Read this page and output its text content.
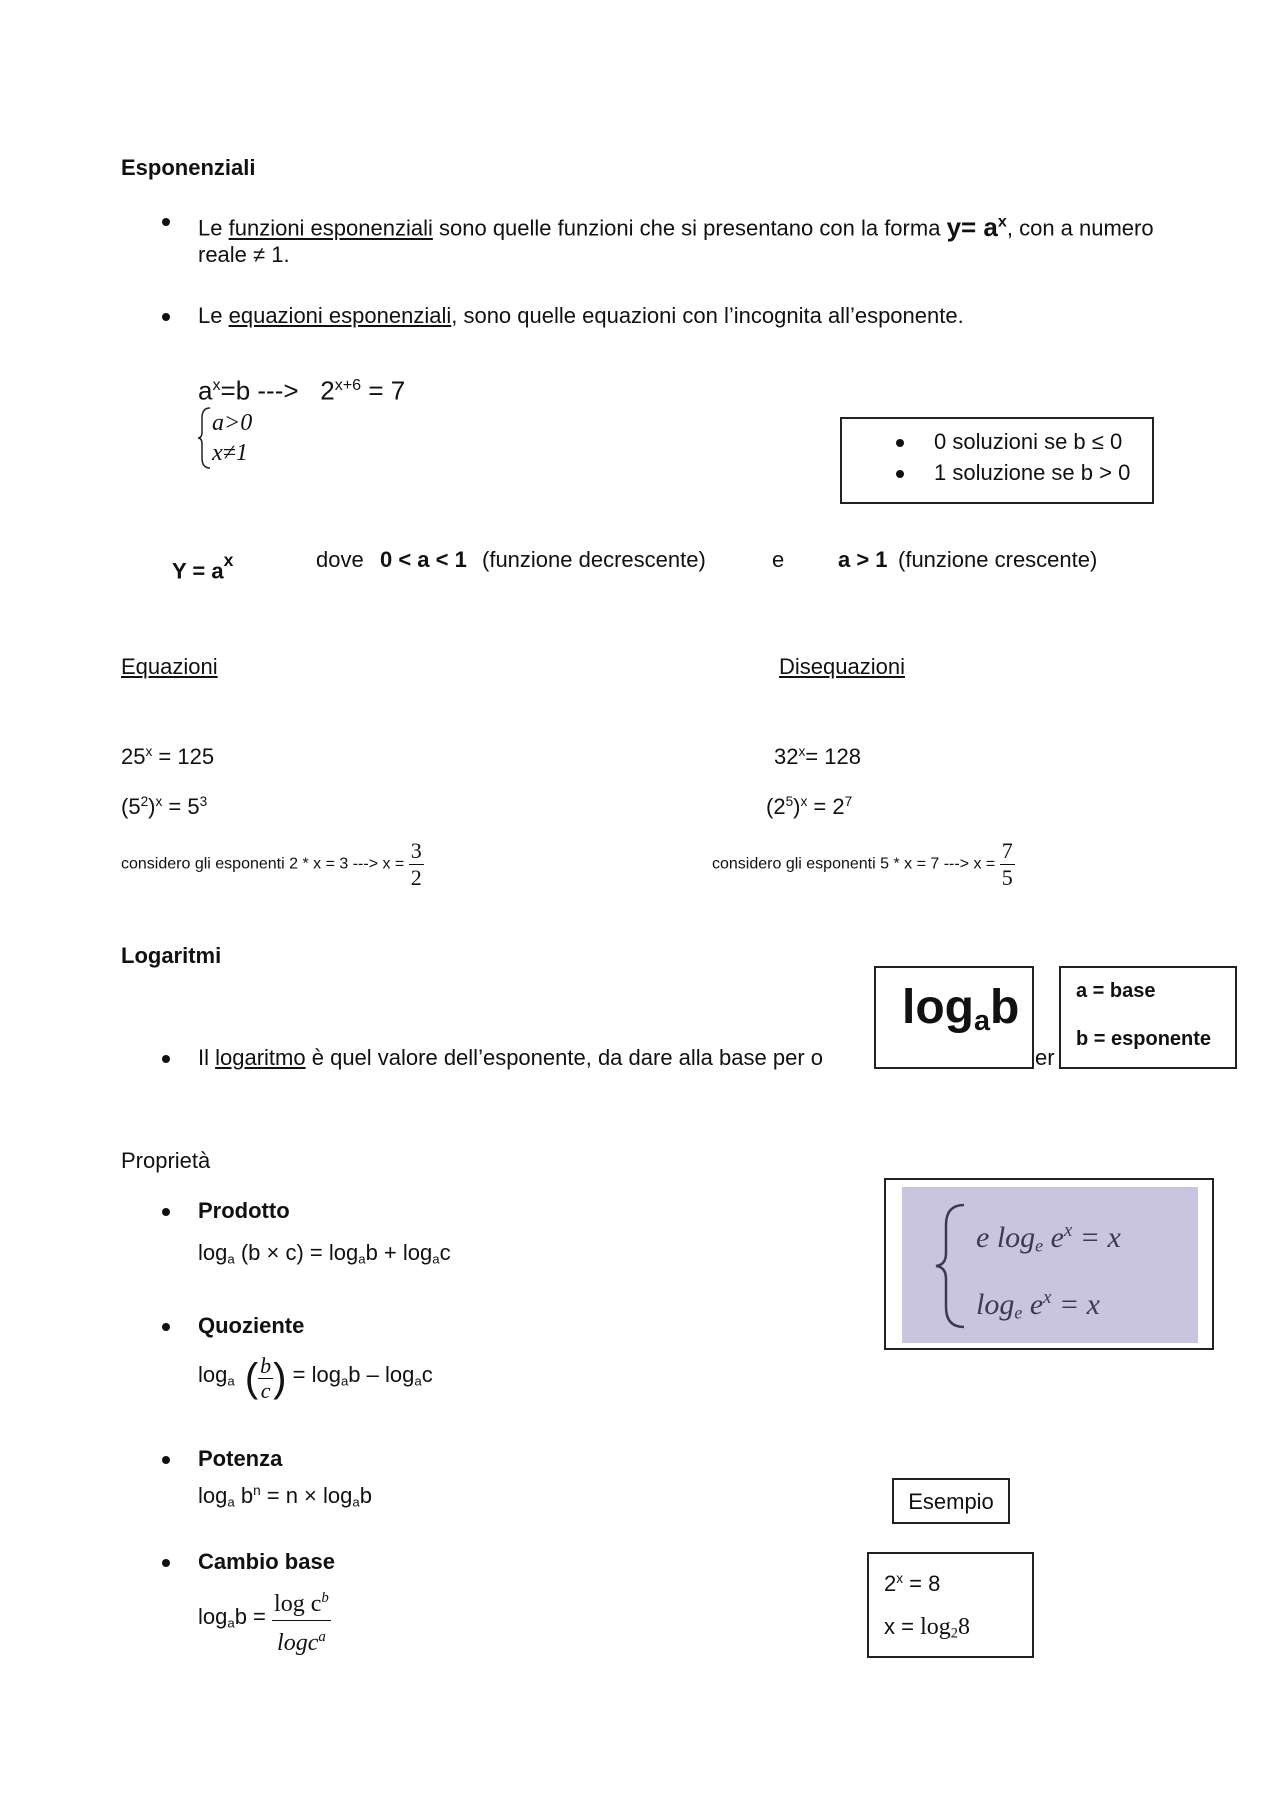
Esponenziali
Le funzioni esponenziali sono quelle funzioni che si presentano con la forma $y= a^x$, con a numero
reale ≠ 1.
Le equazioni esponenziali, sono quelle equazioni con l’incognita all’esponente.
$a^x=b$ ---> $2^{x+6} = 7$
a>0
x≠1	0 soluzioni se b ≤ 0
1 soluzione se b > 0
$Y = a^x$	dove 0 < a < 1 (funzione decrescente)	e a > 1 (funzione crescente)
Equazioni
$25^x = 125$
$(5^2)^x = 5^3$
considero gli esponenti 2 * x = 3 ---> $x = \frac{3}{2}$
Disequazioni
$32^x= 128$
$(2^5)^x = 2^7$
considero gli esponenti 5 * x = 7 ---> $x = \frac{7}{5}$
Logaritmi
Il logaritmo è quel valore dell’esponente, da dare alla base per o	er
$\log_ab$	a = base
b = esponente
Proprietà
Prodotto
$\log_a (b \times c) = \log_ab + \log_ac$
Quoziente
$\log_a$ ( $\frac{b}{c}$ ) = $\log_ab - \log_ac$
Potenza
$\log_a b^n = n \times \log_ab$
Cambio base
$\log_ab = \frac{\log c^b}{\log c^a}$
e $\log_e e^x = x$
$\log_e e^x = x$
Esempio
$2^x = 8$
$x = \log_28$
